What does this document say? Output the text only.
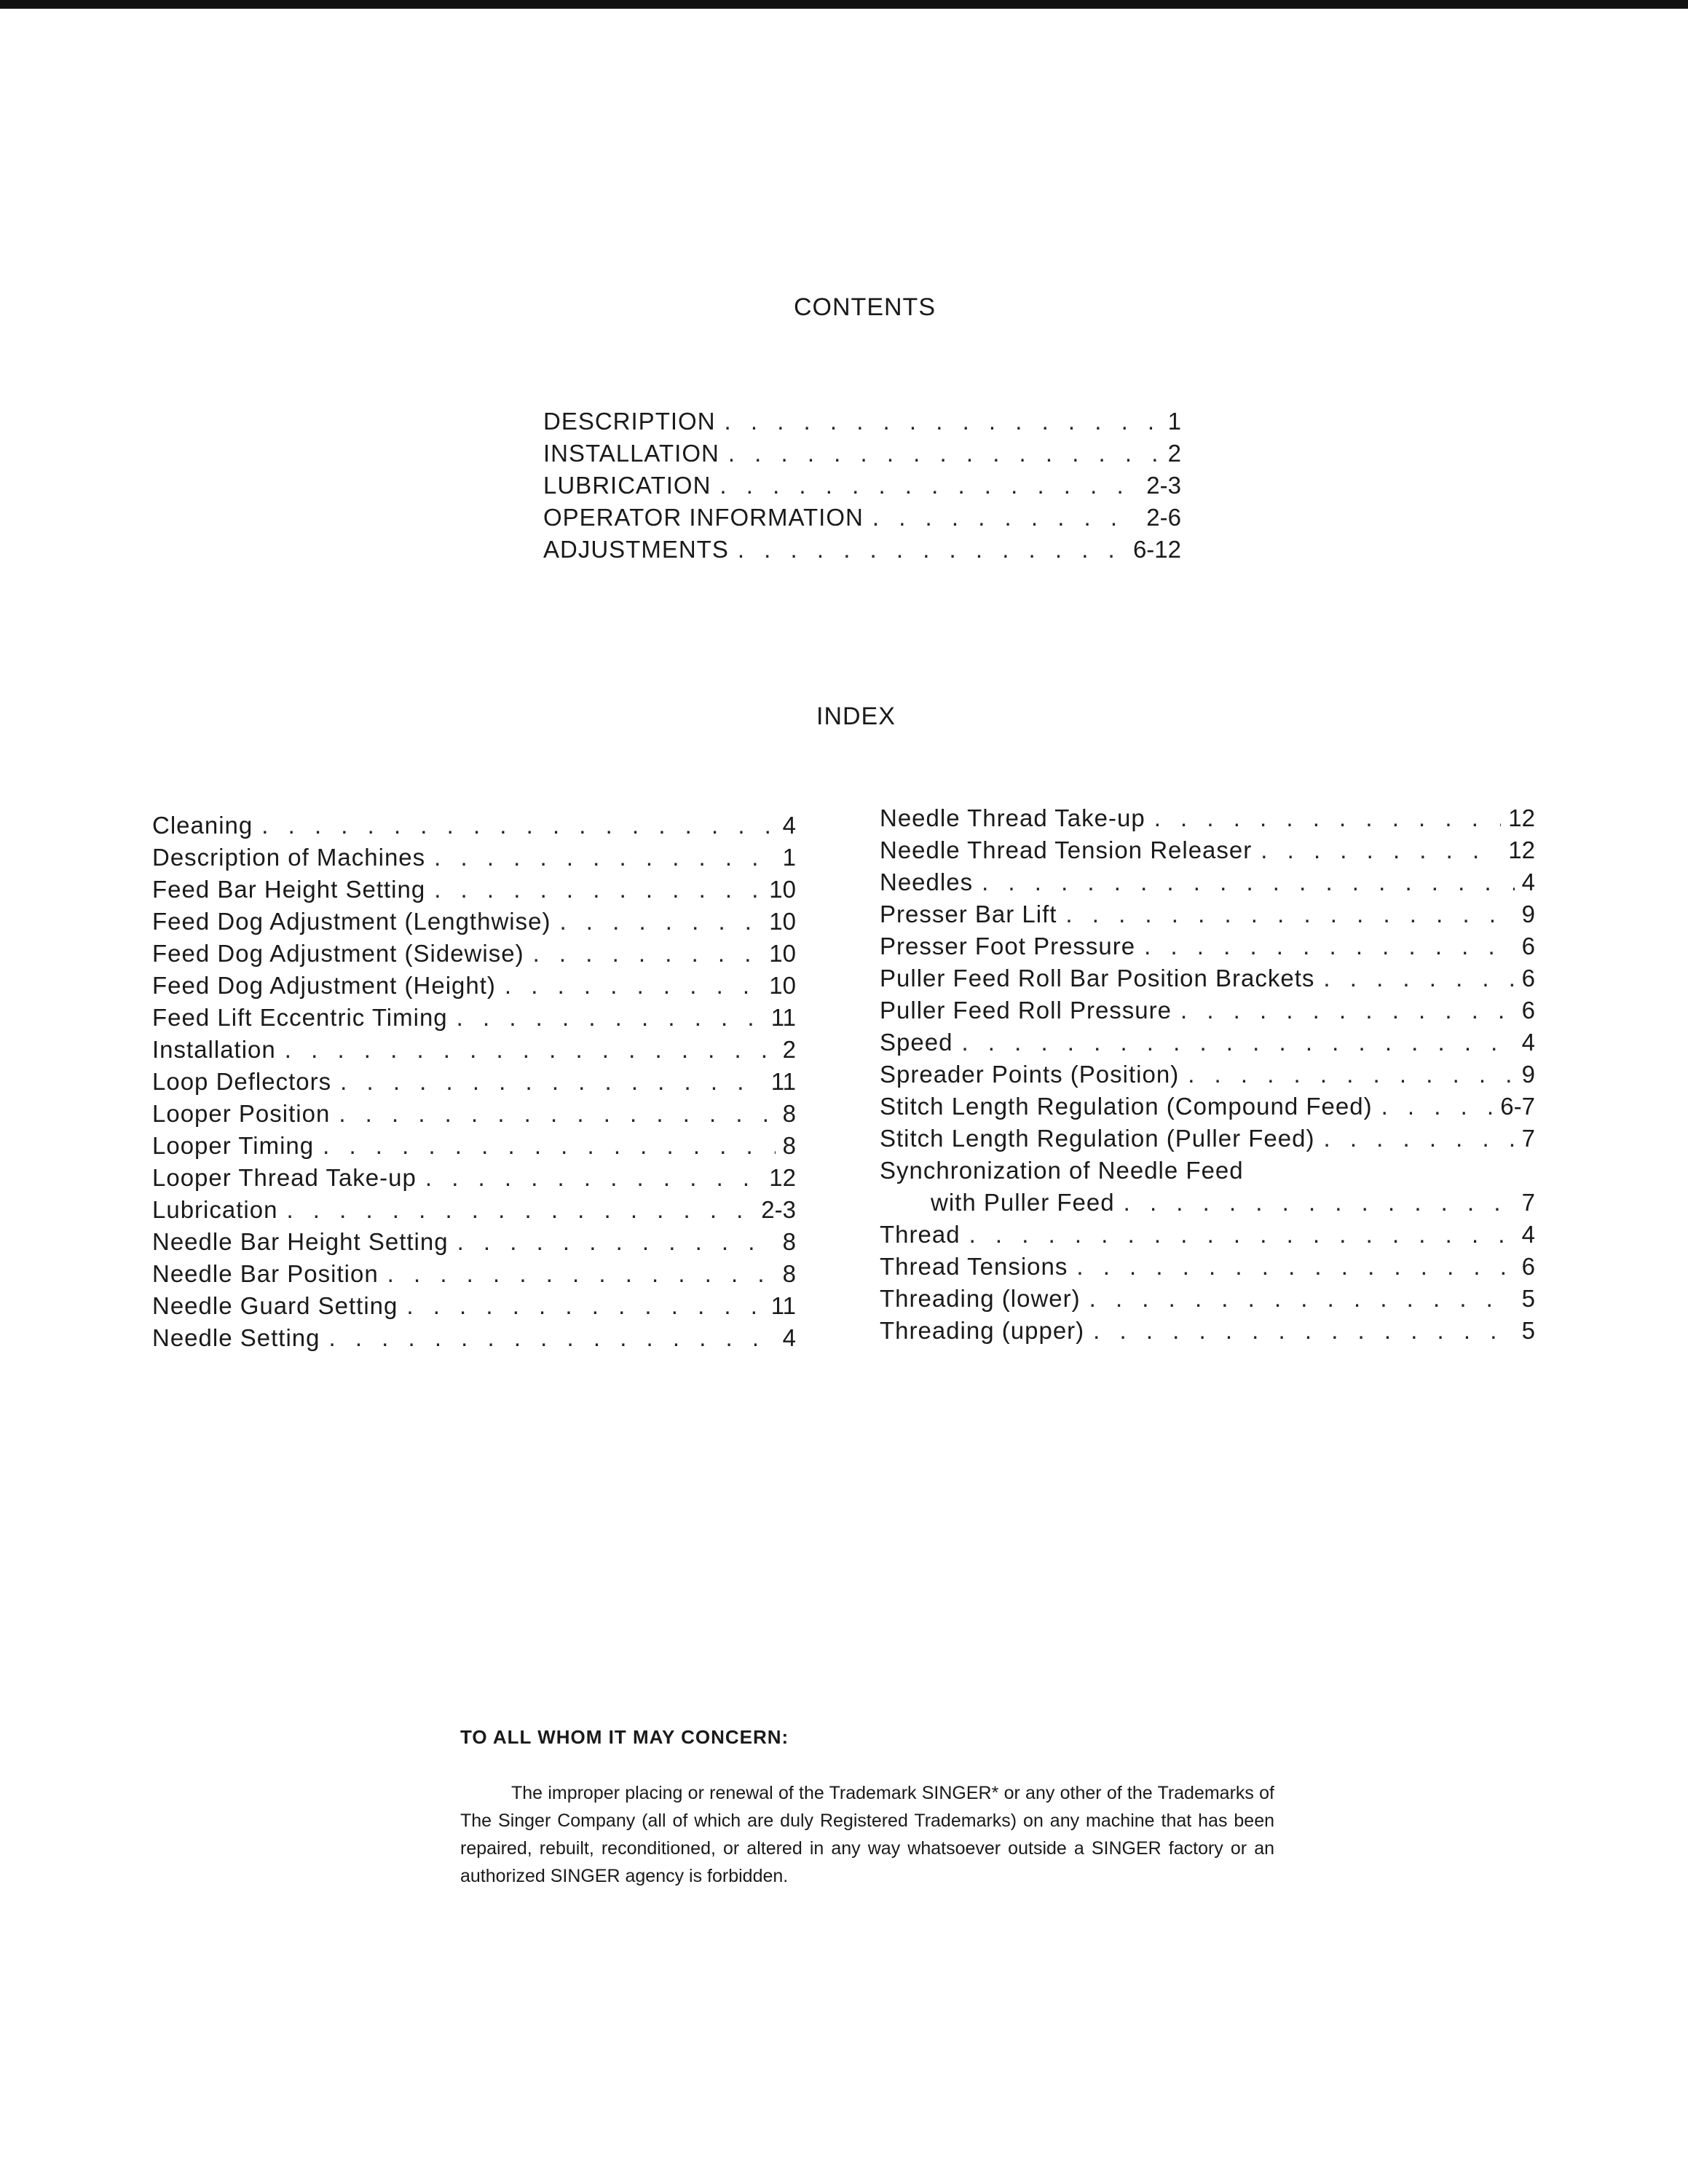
CONTENTS
DESCRIPTION . . .	1
INSTALLATION . . .	2
LUBRICATION . . .	2-3
OPERATOR INFORMATION . . .	2-6
ADJUSTMENTS . . .	6-12
INDEX
Cleaning . . .	4
Description of Machines . . .	1
Feed Bar Height Setting . . .	10
Feed Dog Adjustment (Lengthwise) . . .	10
Feed Dog Adjustment (Sidewise) . . .	10
Feed Dog Adjustment (Height) . . .	10
Feed Lift Eccentric Timing . . .	11
Installation . . .	2
Loop Deflectors . . .	11
Looper Position . . .	8
Looper Timing . . .	8
Looper Thread Take-up . . .	12
Lubrication . . .	2-3
Needle Bar Height Setting . . .	8
Needle Bar Position . . .	8
Needle Guard Setting . . .	11
Needle Setting . . .	4
Needle Thread Take-up . . .	12
Needle Thread Tension Releaser . . .	12
Needles . . .	4
Presser Bar Lift . . .	9
Presser Foot Pressure . . .	6
Puller Feed Roll Bar Position Brackets . . .	6
Puller Feed Roll Pressure . . .	6
Speed . . .	4
Spreader Points (Position) . . .	9
Stitch Length Regulation (Compound Feed) . . .	6-7
Stitch Length Regulation (Puller Feed) . . .	7
Synchronization of Needle Feed
with Puller Feed . . .	7
Thread . . .	4
Thread Tensions . . .	6
Threading (lower) . . .	5
Threading (upper) . . .	5
TO ALL WHOM IT MAY CONCERN:

The improper placing or renewal of the Trademark SINGER* or any other of the Trademarks of The Singer Company (all of which are duly Registered Trademarks) on any machine that has been repaired, rebuilt, reconditioned, or altered in any way whatsoever outside a SINGER factory or an authorized SINGER agency is forbidden.
